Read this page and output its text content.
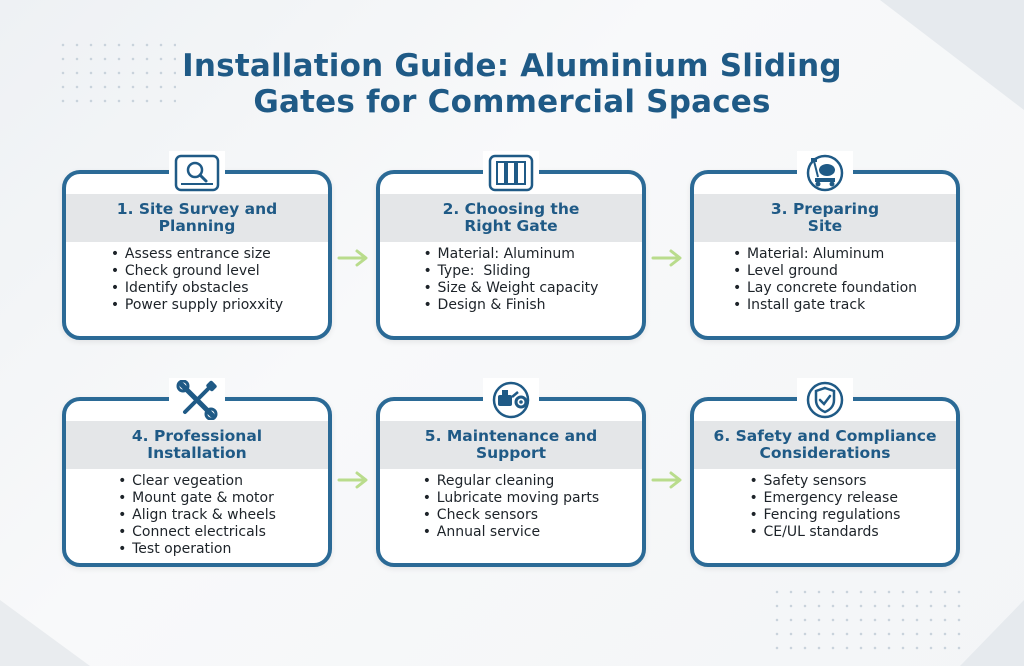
Installation Guide: Aluminium Sliding
Gates for Commercial Spaces
1. Site Survey and
Planning
• Assess entrance size
• Check ground level
• Identify obstacles
• Power supply prioxxity
2. Choosing the
Right Gate
• Material: Aluminum
• Type:  Sliding
• Size & Weight capacity
• Design & Finish
3. Preparing
Site
• Material: Aluminum
• Level ground
• Lay concrete foundation
• Install gate track
4. Professional
Installation
• Clear vegeation
• Mount gate & motor
• Align track & wheels
• Connect electricals
• Test operation
5. Maintenance and
Support
• Regular cleaning
• Lubricate moving parts
• Check sensors
• Annual service
6. Safety and Compliance
Considerations
• Safety sensors
• Emergency release
• Fencing regulations
• CE/UL standards
